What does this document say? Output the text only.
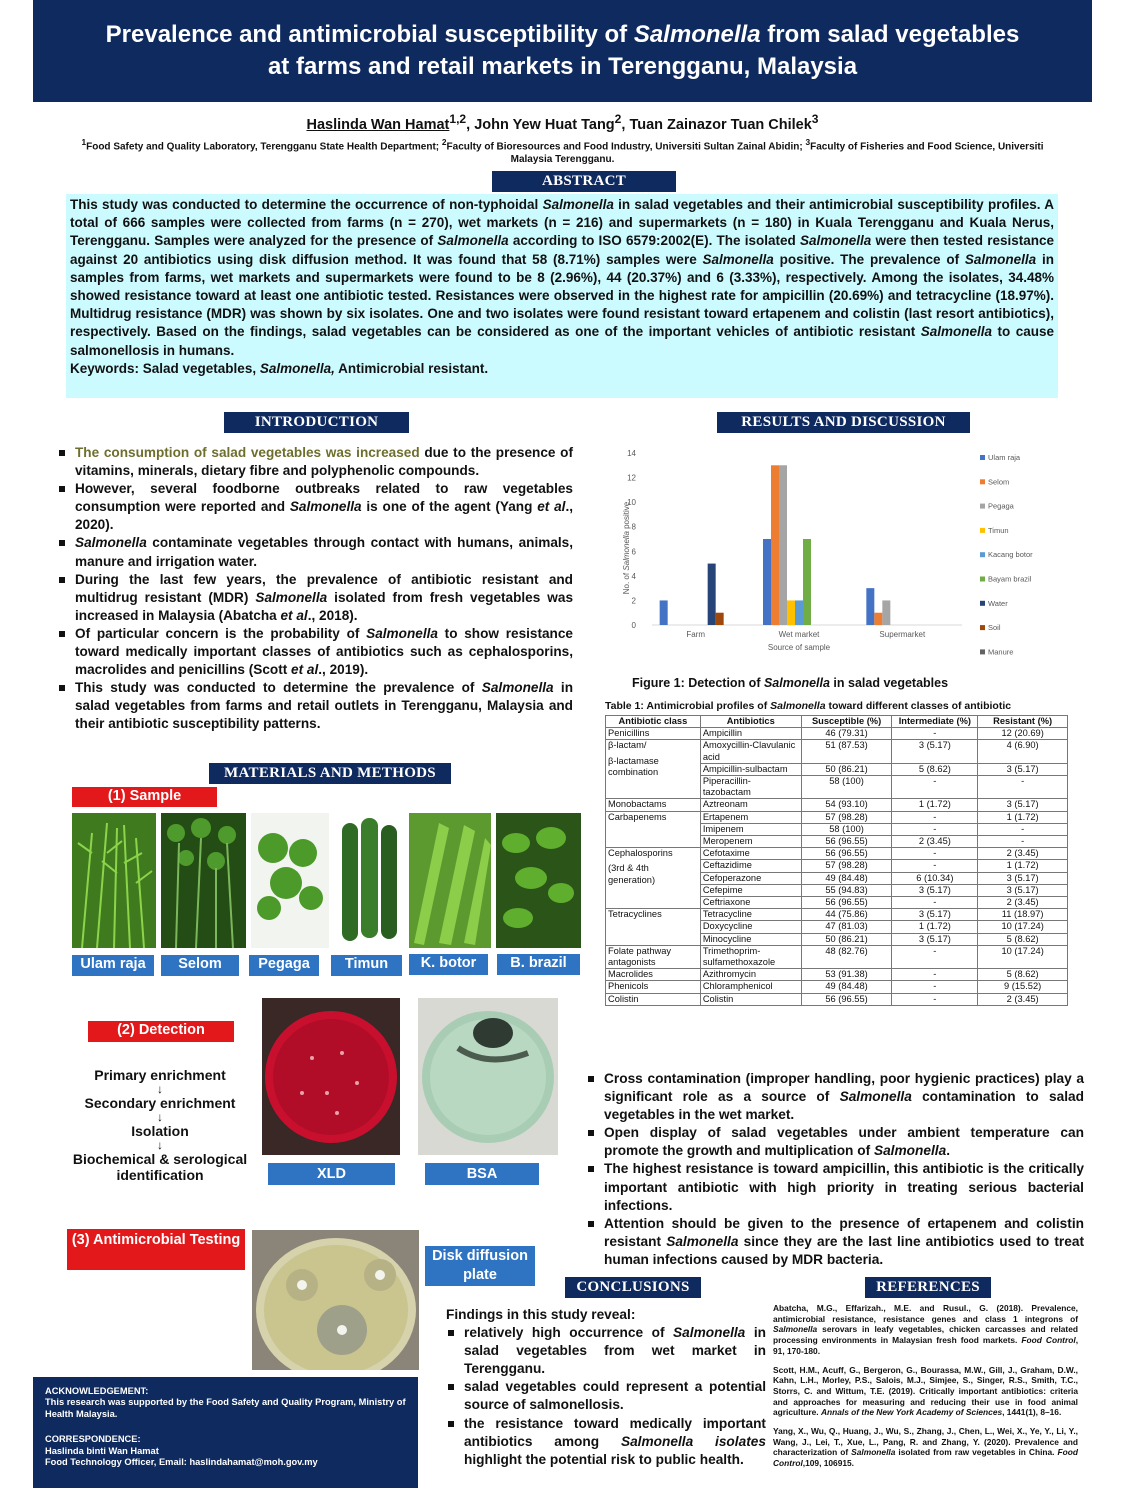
Prevalence and antimicrobial susceptibility of Salmonella from salad vegetables
at farms and retail markets in Terengganu, Malaysia
Haslinda Wan Hamat$^{1,2}$, John Yew Huat Tang$^2$, Tuan Zainazor Tuan Chilek$^3$
$^1$Food Safety and Quality Laboratory, Terengganu State Health Department; $^2$Faculty of Bioresources and Food Industry, Universiti Sultan Zainal Abidin; $^3$Faculty of Fisheries and Food Science, Universiti Malaysia Terengganu.
ABSTRACT
This study was conducted to determine the occurrence of non-typhoidal Salmonella in salad vegetables and their antimicrobial susceptibility profiles. A total of 666 samples were collected from farms (n = 270), wet markets (n = 216) and supermarkets (n = 180) in Kuala Terengganu and Kuala Nerus, Terengganu. Samples were analyzed for the presence of Salmonella according to ISO 6579:2002(E). The isolated Salmonella were then tested resistance against 20 antibiotics using disk diffusion method. It was found that 58 (8.71%) samples were Salmonella positive. The prevalence of Salmonella in samples from farms, wet markets and supermarkets were found to be 8 (2.96%), 44 (20.37%) and 6 (3.33%), respectively. Among the isolates, 34.48% showed resistance toward at least one antibiotic tested. Resistances were observed in the highest rate for ampicillin (20.69%) and tetracycline (18.97%). Multidrug resistance (MDR) was shown by six isolates. One and two isolates were found resistant toward ertapenem and colistin (last resort antibiotics), respectively. Based on the findings, salad vegetables can be considered as one of the important vehicles of antibiotic resistant Salmonella to cause salmonellosis in humans.
Keywords: Salad vegetables, Salmonella, Antimicrobial resistant.
INTRODUCTION
The consumption of salad vegetables was increased due to the presence of vitamins, minerals, dietary fibre and polyphenolic compounds.
However, several foodborne outbreaks related to raw vegetables consumption were reported and Salmonella is one of the agent (Yang et al., 2020).
Salmonella contaminate vegetables through contact with humans, animals, manure and irrigation water.
During the last few years, the prevalence of antibiotic resistant and multidrug resistant (MDR) Salmonella isolated from fresh vegetables was increased in Malaysia (Abatcha et al., 2018).
Of particular concern is the probability of Salmonella to show resistance toward medically important classes of antibiotics such as cephalosporins, macrolides and penicillins (Scott et al., 2019).
This study was conducted to determine the prevalence of Salmonella in salad vegetables from farms and retail outlets in Terengganu, Malaysia and their antibiotic susceptibility patterns.
MATERIALS AND METHODS
(1) Sample
Ulam raja	Selom	Pegaga	Timun	K. botor	B. brazil
(2) Detection
Primary enrichment
↓
Secondary enrichment
↓
Isolation
↓
Biochemical & serological identification	XLD	BSA
(3) Antimicrobial Testing
Disk diffusion plate
RESULTS AND DISCUSSION
0
2
4
6
8
10
12
14
Farm	Wet market	Supermarket
Ulam raja
Selom
Pegaga
Timun
Kacang botor
Bayam brazil
Water
Soil
Manure
Source of sample
No. of Salmonella positive
Figure 1: Detection of Salmonella in salad vegetables
Table 1: Antimicrobial profiles of Salmonella toward different classes of antibiotic
Antibiotic class	Antibiotics	Susceptible (%)	Intermediate (%)	Resistant (%)

Penicillins	Ampicillin	46 (79.31)	-	12 (20.69)

β-lactam/
β-lactamase combination	Amoxycillin-Clavulanic acid	51 (87.53)	3 (5.17)	4 (6.90)
	Ampicillin-sulbactam	50 (86.21)	5 (8.62)	3 (5.17)
	Piperacillin-tazobactam	58 (100)	-	-

Monobactams	Aztreonam	54 (93.10)	1 (1.72)	3 (5.17)

Carbapenems	Ertapenem	57 (98.28)	-	1 (1.72)
	Imipenem	58 (100)	-	-
	Meropenem	56 (96.55)	2 (3.45)	-

Cephalosporins
(3rd & 4th generation)	Cefotaxime	56 (96.55)	-	2 (3.45)
	Ceftazidime	57 (98.28)	-	1 (1.72)
	Cefoperazone	49 (84.48)	6 (10.34)	3 (5.17)
	Cefepime	55 (94.83)	3 (5.17)	3 (5.17)
	Ceftriaxone	56 (96.55)	-	2 (3.45)

Tetracyclines	Tetracycline	44 (75.86)	3 (5.17)	11 (18.97)
	Doxycycline	47 (81.03)	1 (1.72)	10 (17.24)
	Minocycline	50 (86.21)	3 (5.17)	5 (8.62)

Folate pathway antagonists	Trimethoprim-sulfamethoxazole	48 (82.76)	-	10 (17.24)

Macrolides	Azithromycin	53 (91.38)	-	5 (8.62)

Phenicols	Chloramphenicol	49 (84.48)	-	9 (15.52)

Colistin	Colistin	56 (96.55)	-	2 (3.45)
Cross contamination (improper handling, poor hygienic practices) play a significant role as a source of Salmonella contamination to salad vegetables in the wet market.
Open display of salad vegetables under ambient temperature can promote the growth and multiplication of Salmonella.
The highest resistance is toward ampicillin, this antibiotic is the critically important antibiotic with high priority in treating serious bacterial infections.
Attention should be given to the presence of ertapenem and colistin resistant Salmonella since they are the last line antibiotics used to treat human infections caused by MDR bacteria.
CONCLUSIONS
Findings in this study reveal:
relatively high occurrence of Salmonella in salad vegetables from wet market in Terengganu.
salad vegetables could represent a potential source of salmonellosis.
the resistance toward medically important antibiotics among Salmonella isolates highlight the potential risk to public health.
REFERENCES

Abatcha, M.G., Effarizah., M.E. and Rusul., G. (2018). Prevalence, antimicrobial resistance, resistance genes and class 1 integrons of Salmonella serovars in leafy vegetables, chicken carcasses and related processing environments in Malaysian fresh food markets. Food Control, 91, 170-180.

Scott, H.M., Acuff, G., Bergeron, G., Bourassa, M.W., Gill, J., Graham, D.W., Kahn, L.H., Morley, P.S., Salois, M.J., Simjee, S., Singer, R.S., Smith, T.C., Storrs, C. and Wittum, T.E. (2019). Critically important antibiotics: criteria and approaches for measuring and reducing their use in food animal agriculture. Annals of the New York Academy of Sciences, 1441(1), 8–16.

Yang, X., Wu, Q., Huang, J., Wu, S., Zhang, J., Chen, L., Wei, X., Ye, Y., Li, Y., Wang, J., Lei, T., Xue, L., Pang, R. and Zhang, Y. (2020). Prevalence and characterization of Salmonella isolated from raw vegetables in China. Food Control,109, 106915.

ACKNOWLEDGEMENT:
This research was supported by the Food Safety and Quality Program, Ministry of Health Malaysia.
CORRESPONDENCE:
Haslinda binti Wan Hamat
Food Technology Officer, Email: haslindahamat@moh.gov.my
